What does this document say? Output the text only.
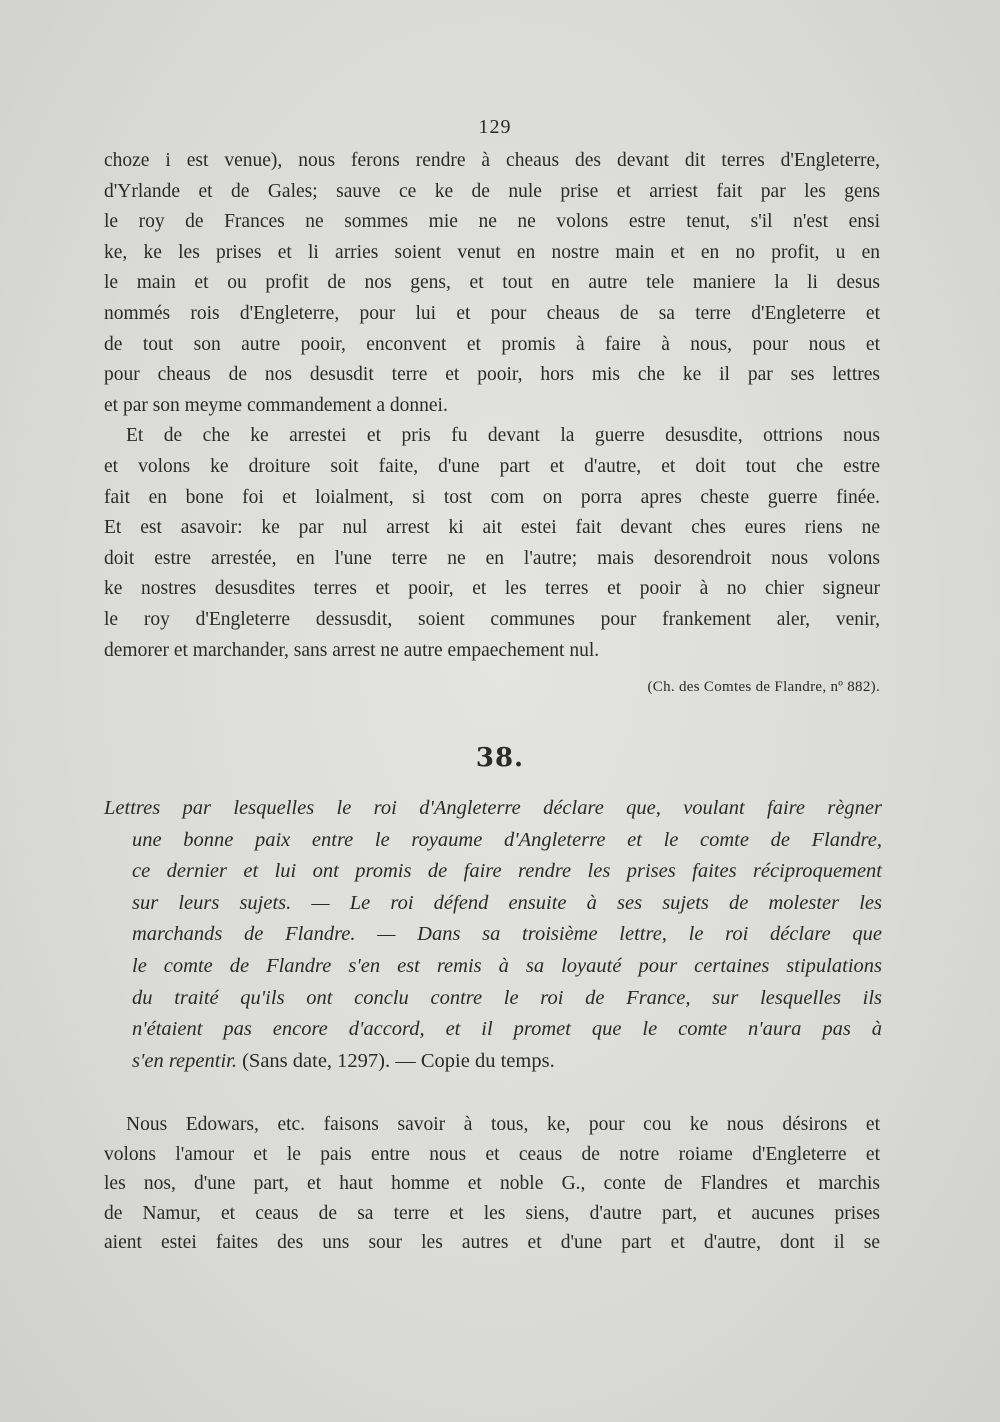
129
choze i est venue), nous ferons rendre à cheaus des devant dit terres d'Engleterre,
d'Yrlande et de Gales; sauve ce ke de nule prise et arriest fait par les gens
le roy de Frances ne sommes mie ne ne volons estre tenut, s'il n'est ensi
ke, ke les prises et li arries soient venut en nostre main et en no profit, u en
le main et ou profit de nos gens, et tout en autre tele maniere la li desus
nommés rois d'Engleterre, pour lui et pour cheaus de sa terre d'Engleterre et
de tout son autre pooir, enconvent et promis à faire à nous, pour nous et
pour cheaus de nos desusdit terre et pooir, hors mis che ke il par ses lettres
et par son meyme commandement a donnei.
Et de che ke arrestei et pris fu devant la guerre desusdite, ottrions nous
et volons ke droiture soit faite, d'une part et d'autre, et doit tout che estre
fait en bone foi et loialment, si tost com on porra apres cheste guerre finée.
Et est asavoir: ke par nul arrest ki ait estei fait devant ches eures riens ne
doit estre arrestée, en l'une terre ne en l'autre; mais desorendroit nous volons
ke nostres desusdites terres et pooir, et les terres et pooir à no chier signeur
le roy d'Engleterre dessusdit, soient communes pour frankement aler, venir,
demorer et marchander, sans arrest ne autre empaechement nul.
(Ch. des Comtes de Flandre, nº 882).
38.
Lettres par lesquelles le roi d'Angleterre déclare que, voulant faire règner
une bonne paix entre le royaume d'Angleterre et le comte de Flandre,
ce dernier et lui ont promis de faire rendre les prises faites réciproquement
sur leurs sujets. — Le roi défend ensuite à ses sujets de molester les
marchands de Flandre. — Dans sa troisième lettre, le roi déclare que
le comte de Flandre s'en est remis à sa loyauté pour certaines stipulations
du traité qu'ils ont conclu contre le roi de France, sur lesquelles ils
n'étaient pas encore d'accord, et il promet que le comte n'aura pas à
s'en repentir. (Sans date, 1297). — Copie du temps.
Nous Edowars, etc. faisons savoir à tous, ke, pour cou ke nous désirons et
volons l'amour et le pais entre nous et ceaus de notre roiame d'Engleterre et
les nos, d'une part, et haut homme et noble G., conte de Flandres et marchis
de Namur, et ceaus de sa terre et les siens, d'autre part, et aucunes prises
aient estei faites des uns sour les autres et d'une part et d'autre, dont il se
